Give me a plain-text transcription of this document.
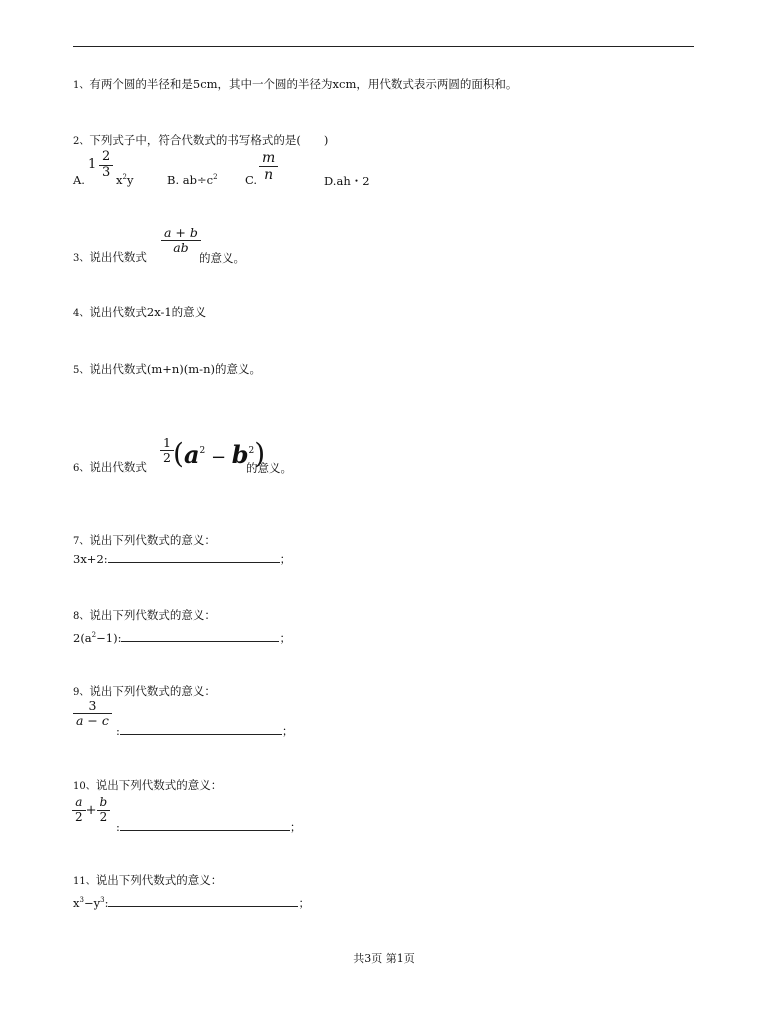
1、有两个圆的半径和是5cm，其中一个圆的半径为xcm，用代数式表示两圆的面积和。
2、下列式子中，符合代数式的书写格式的是(　　)
A.
$1 \frac{2}{3} x^2y$	B. $ab\div c^2$ C. $\frac{m}{n}$	D.ah・2
3、说出代数式
$\frac{a + b}{ab}$
的意义。
4、说出代数式2x-1的意义
5、说出代数式(m+n)(m-n)的意义。
6、说出代数式
$\frac{1}{2} (a^2 - b^2)$
的意义。
7、说出下列代数式的意义：
3x+2:	；
8、说出下列代数式的意义：
$2(a^2-1)$:	；
9、说出下列代数式的意义：
$\frac{3}{a - c}$
:	；
10、说出下列代数式的意义：
$\frac{a}{2} + \frac{b}{2}$
:	；
11、说出下列代数式的意义：
$x^3-y^3$:	；
共3页 第1页
